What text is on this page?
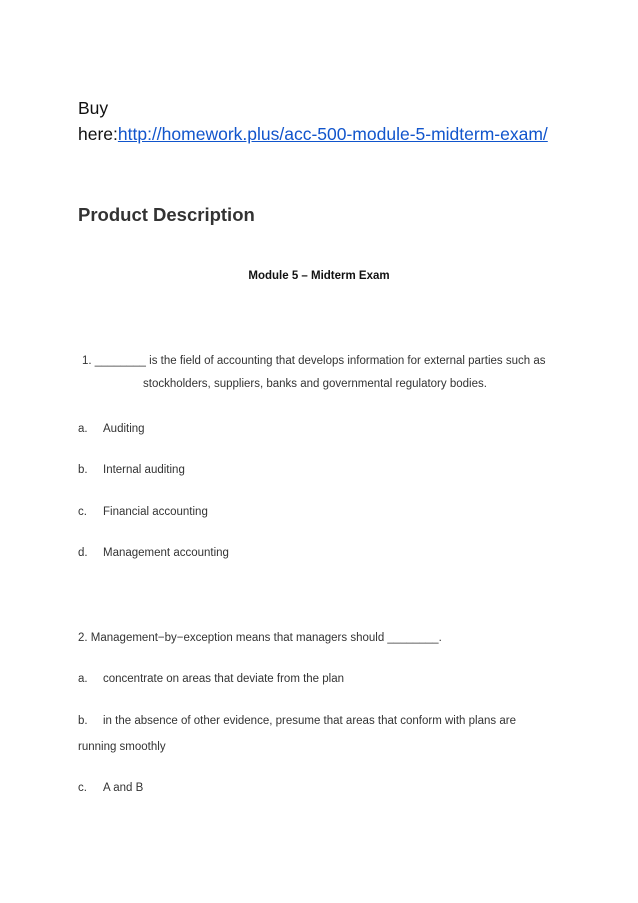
Buy
here:http://homework.plus/acc-500-module-5-midterm-exam/
Product Description
Module 5 – Midterm Exam
1. ________ is the field of accounting that develops information for external parties such as
stockholders, suppliers, banks and governmental regulatory bodies.
a. Auditing
b. Internal auditing
c. Financial accounting
d. Management accounting
2. Management−by−exception means that managers should ________.
a. concentrate on areas that deviate from the plan
b. in the absence of other evidence, presume that areas that conform with plans are
running smoothly
c. A and B
